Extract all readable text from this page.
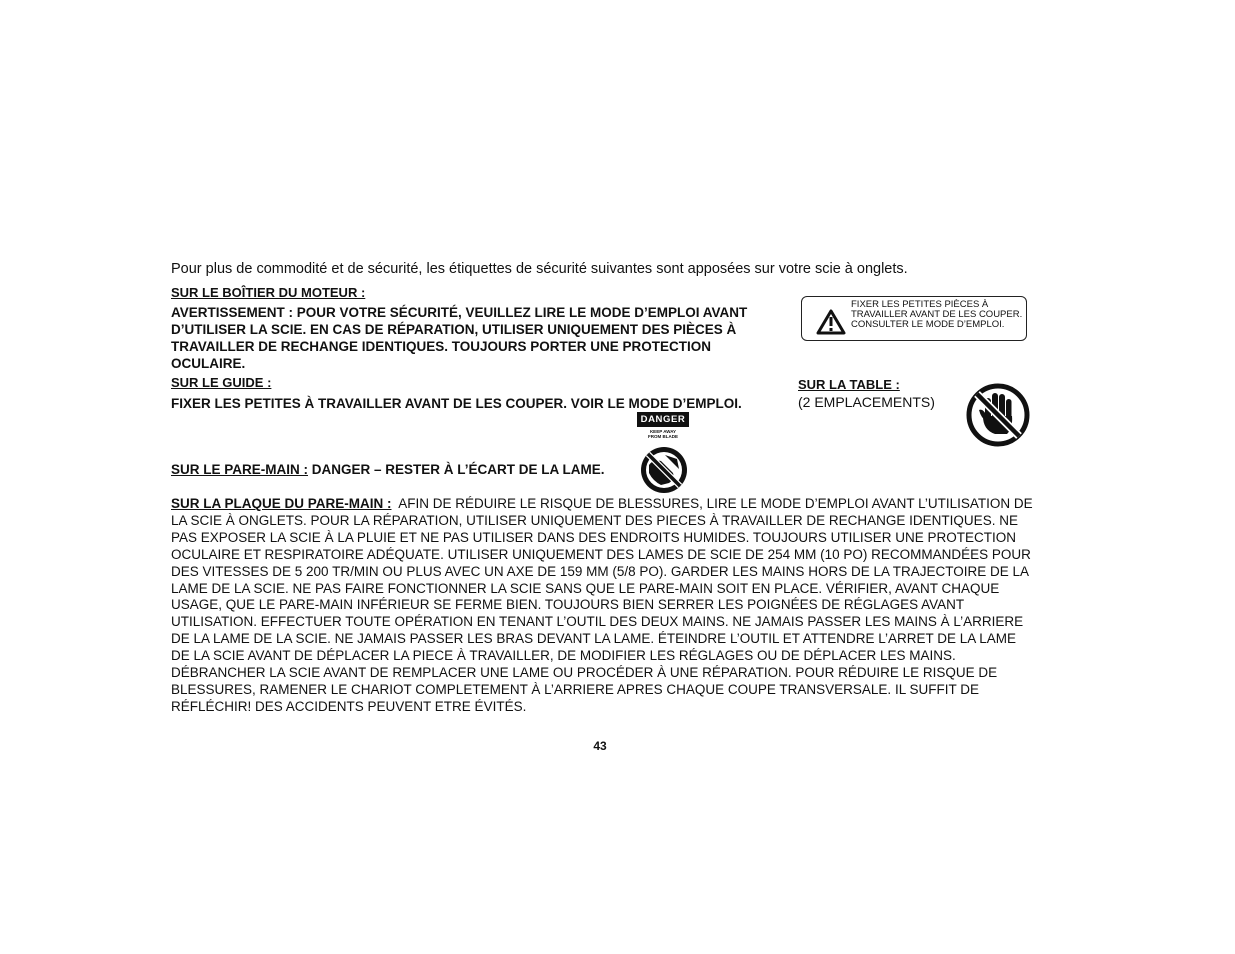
Pour plus de commodité et de sécurité, les étiquettes de sécurité suivantes sont apposées sur votre scie à onglets.
SUR LE BOÎTIER DU MOTEUR :
AVERTISSEMENT : POUR VOTRE SÉCURITÉ, VEUILLEZ LIRE LE MODE D’EMPLOI AVANT D’UTILISER LA SCIE. EN CAS DE RÉPARATION, UTILISER UNIQUEMENT DES PIÈCES À TRAVAILLER DE RECHANGE IDENTIQUES. TOUJOURS PORTER UNE PROTECTION OCULAIRE.
SUR LE GUIDE :
FIXER LES PETITES À TRAVAILLER AVANT DE LES COUPER. VOIR LE MODE D’EMPLOI.
FIXER LES PETITES PIÈCES À TRAVAILLER AVANT DE LES COUPER. CONSULTER LE MODE D’EMPLOI.
SUR LA TABLE :
(2 EMPLACEMENTS)
DANGER
KEEP AWAY
FROM BLADE
SUR LE PARE-MAIN : DANGER – RESTER À L’ÉCART DE LA LAME.
SUR LA PLAQUE DU PARE-MAIN : AFIN DE RÉDUIRE LE RISQUE DE BLESSURES, LIRE LE MODE D’EMPLOI AVANT L’UTILISATION DE LA SCIE À ONGLETS. POUR LA RÉPARATION, UTILISER UNIQUEMENT DES PIECES À TRAVAILLER DE RECHANGE IDENTIQUES. NE PAS EXPOSER LA SCIE À LA PLUIE ET NE PAS UTILISER DANS DES ENDROITS HUMIDES. TOUJOURS UTILISER UNE PROTECTION OCULAIRE ET RESPIRATOIRE ADÉQUATE. UTILISER UNIQUEMENT DES LAMES DE SCIE DE 254 MM (10 PO) RECOMMANDÉES POUR DES VITESSES DE 5 200 TR/MIN OU PLUS AVEC UN AXE DE 159 MM (5/8 PO). GARDER LES MAINS HORS DE LA TRAJECTOIRE DE LA LAME DE LA SCIE. NE PAS FAIRE FONCTIONNER LA SCIE SANS QUE LE PARE-MAIN SOIT EN PLACE. VÉRIFIER, AVANT CHAQUE USAGE, QUE LE PARE-MAIN INFÉRIEUR SE FERME BIEN. TOUJOURS BIEN SERRER LES POIGNÉES DE RÉGLAGES AVANT UTILISATION. EFFECTUER TOUTE OPÉRATION EN TENANT L’OUTIL DES DEUX MAINS. NE JAMAIS PASSER LES MAINS À L’ARRIERE DE LA LAME DE LA SCIE. NE JAMAIS PASSER LES BRAS DEVANT LA LAME. ÉTEINDRE L’OUTIL ET ATTENDRE L’ARRET DE LA LAME DE LA SCIE AVANT DE DÉPLACER LA PIECE À TRAVAILLER, DE MODIFIER LES RÉGLAGES OU DE DÉPLACER LES MAINS. DÉBRANCHER LA SCIE AVANT DE REMPLACER UNE LAME OU PROCÉDER À UNE RÉPARATION. POUR RÉDUIRE LE RISQUE DE BLESSURES, RAMENER LE CHARIOT COMPLETEMENT À L’ARRIERE APRES CHAQUE COUPE TRANSVERSALE. IL SUFFIT DE RÉFLÉCHIR! DES ACCIDENTS PEUVENT ETRE ÉVITÉS.
43
